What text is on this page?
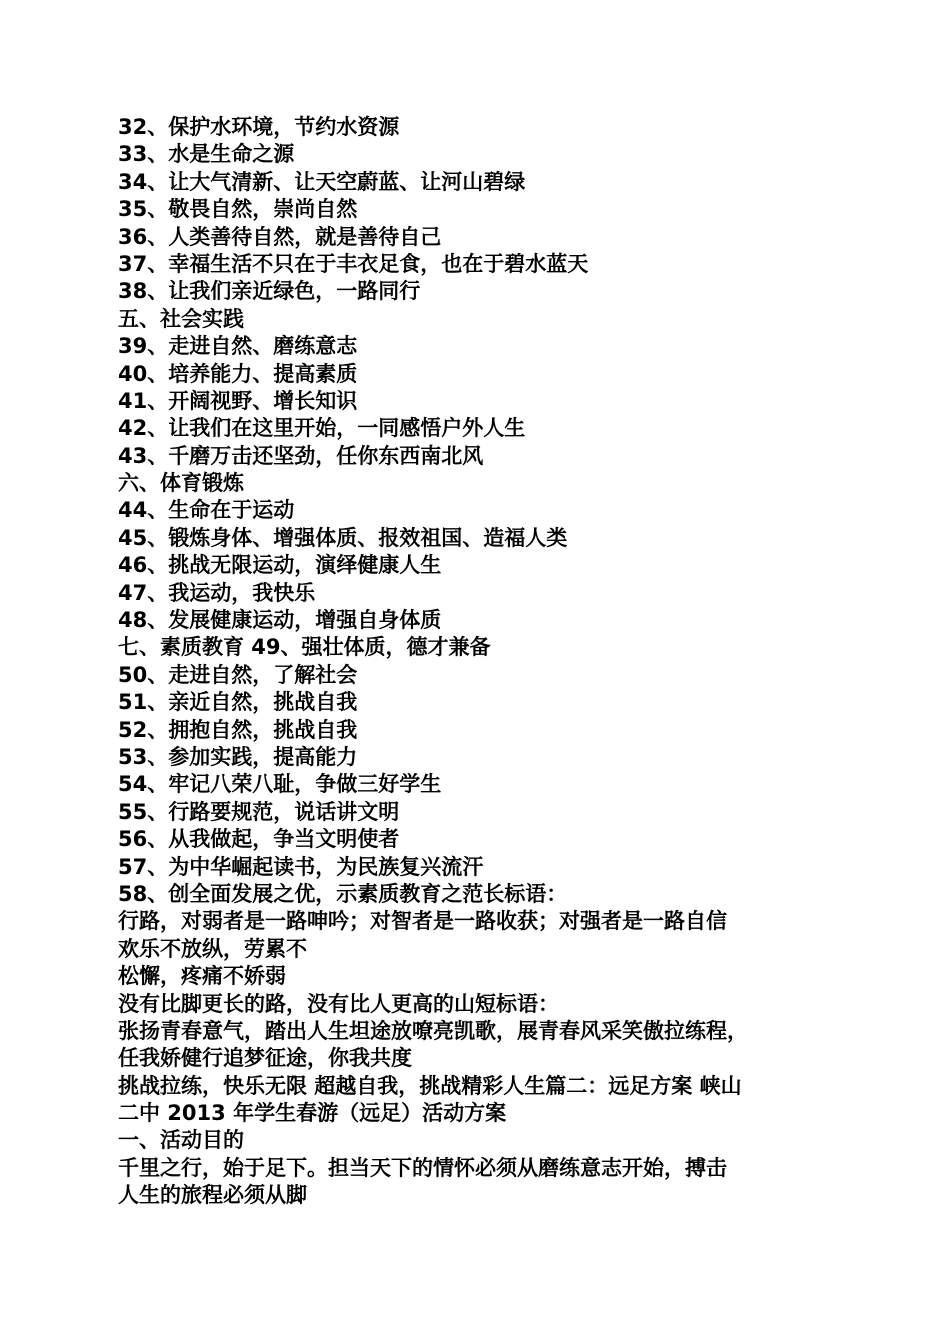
32、保护水环境，节约水资源
33、水是生命之源
34、让大气清新、让天空蔚蓝、让河山碧绿
35、敬畏自然，崇尚自然
36、人类善待自然，就是善待自己
37、幸福生活不只在于丰衣足食，也在于碧水蓝天
38、让我们亲近绿色，一路同行
五、社会实践
39、走进自然、磨练意志
40、培养能力、提高素质
41、开阔视野、增长知识
42、让我们在这里开始，一同感悟户外人生
43、千磨万击还坚劲，任你东西南北风
六、体育锻炼
44、生命在于运动
45、锻炼身体、增强体质、报效祖国、造福人类
46、挑战无限运动，演绎健康人生
47、我运动，我快乐
48、发展健康运动，增强自身体质
七、素质教育 49、强壮体质，德才兼备
50、走进自然，了解社会
51、亲近自然，挑战自我
52、拥抱自然，挑战自我
53、参加实践，提高能力
54、牢记八荣八耻，争做三好学生
55、行路要规范，说话讲文明
56、从我做起，争当文明使者
57、为中华崛起读书，为民族复兴流汗
58、创全面发展之优，示素质教育之范长标语：
行路，对弱者是一路呻吟；对智者是一路收获；对强者是一路自信
欢乐不放纵，劳累不
松懈，疼痛不娇弱
没有比脚更长的路，没有比人更高的山短标语：
张扬青春意气，踏出人生坦途放嘹亮凯歌，展青春风采笑傲拉练程，
任我娇健行追梦征途，你我共度
挑战拉练，快乐无限 超越自我，挑战精彩人生篇二：远足方案 峡山
二中 2013 年学生春游（远足）活动方案
一、活动目的
千里之行，始于足下。担当天下的情怀必须从磨练意志开始，搏击
人生的旅程必须从脚
